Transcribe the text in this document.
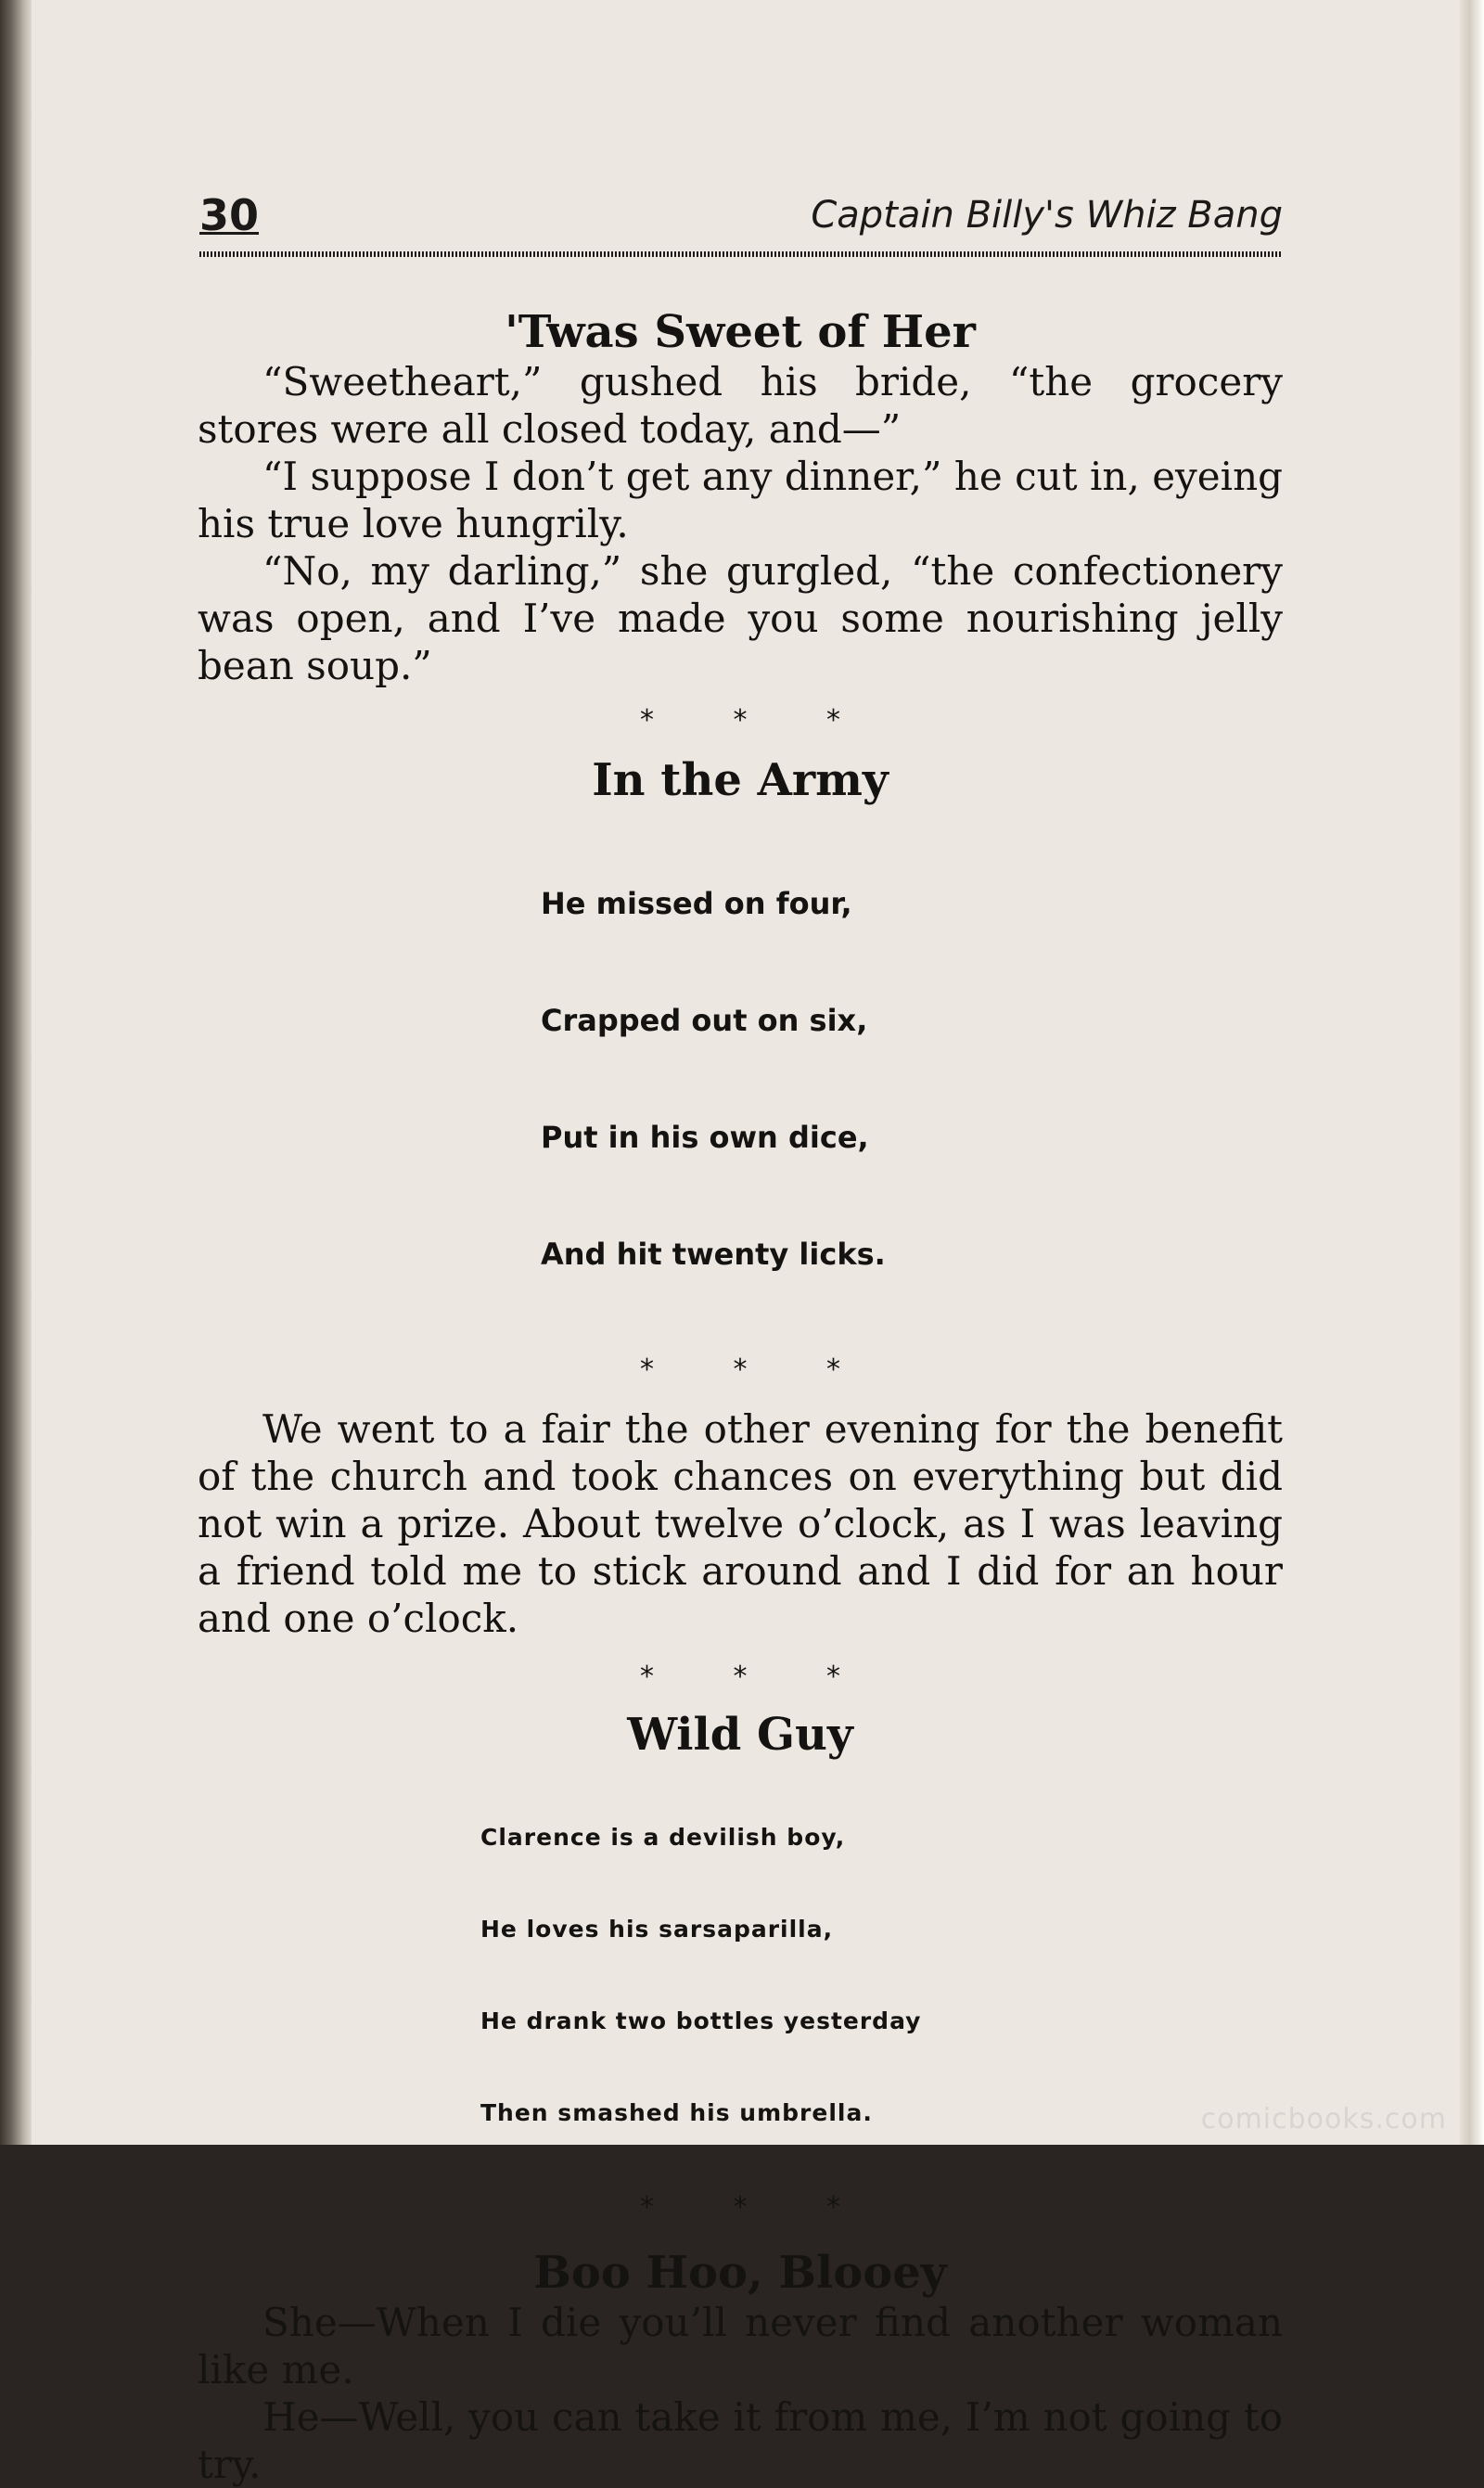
30	Captain Billy's Whiz Bang
'Twas Sweet of Her

“Sweetheart,” gushed his bride, “the grocery stores were all closed today, and—”

“I suppose I don’t get any dinner,” he cut in, eyeing his true love hungrily.

“No, my darling,” she gurgled, “the confectionery was open, and I’ve made you some nourishing jelly bean soup.”

* * *

In the Army

He missed on four,

Crapped out on six,

Put in his own dice,

And hit twenty licks.

* * *

We went to a fair the other evening for the benefit of the church and took chances on everything but did not win a prize. About twelve o’clock, as I was leaving a friend told me to stick around and I did for an hour and one o’clock.

* * *

Wild Guy

Clarence is a devilish boy,

He loves his sarsaparilla,

He drank two bottles yesterday

Then smashed his umbrella.

* * *

Boo Hoo, Blooey

She—When I die you’ll never find another woman like me.

He—Well, you can take it from me, I’m not going to try.

comicbooks.com
